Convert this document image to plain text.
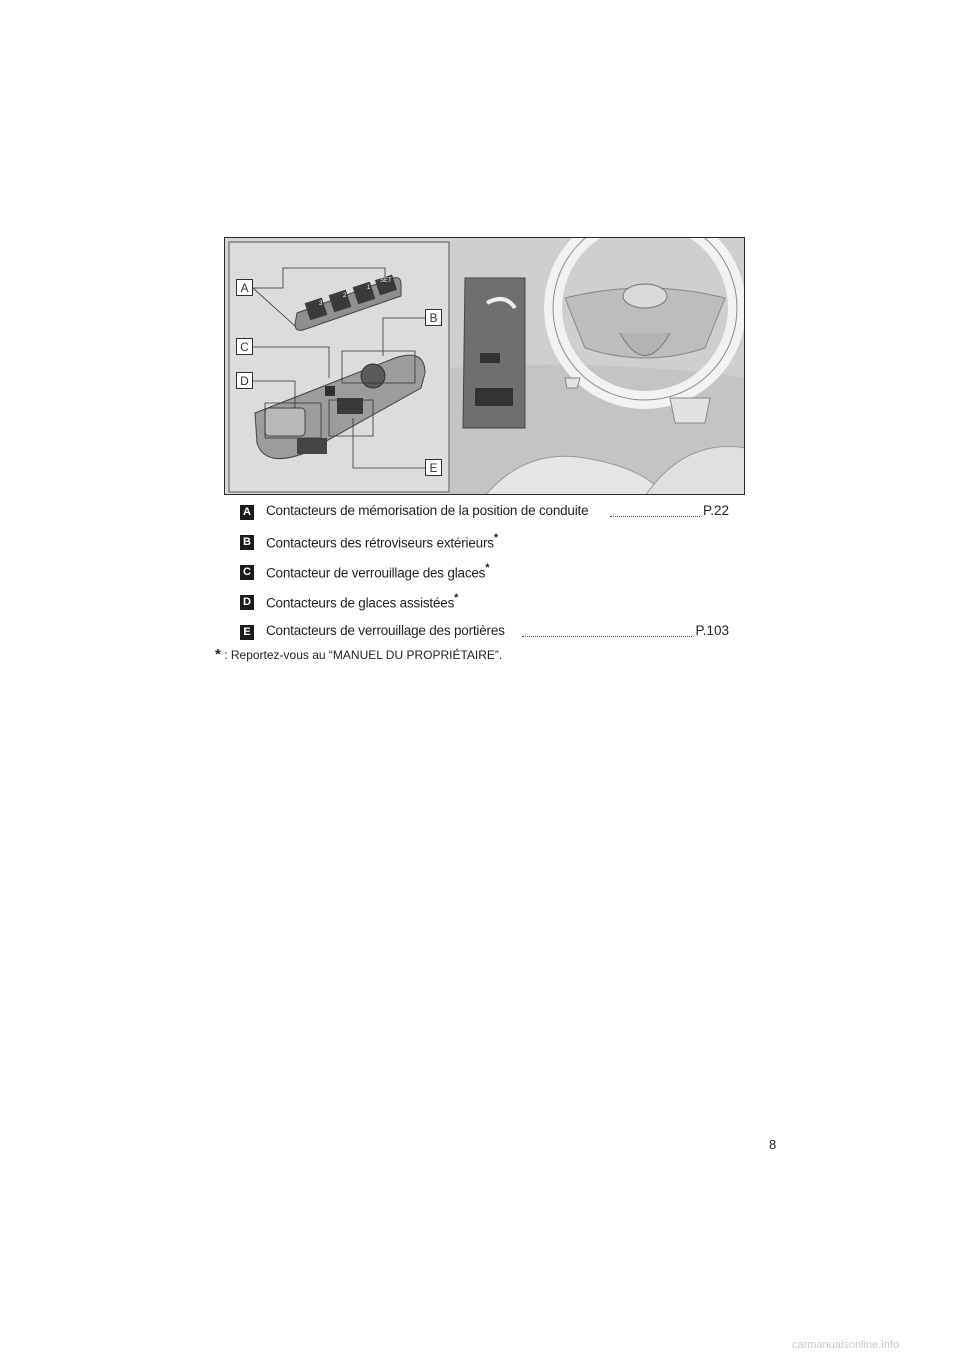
A
B
C
D
E
3
2
1
SET
A Contacteurs de mémorisation de la position de conduite	P.22
B Contacteurs des rétroviseurs extérieurs*
C Contacteur de verrouillage des glaces*
D Contacteurs de glaces assistées*
E Contacteurs de verrouillage des portières	P.103
* : Reportez-vous au “MANUEL DU PROPRIÉTAIRE”.
8
carmanualsonline.info
